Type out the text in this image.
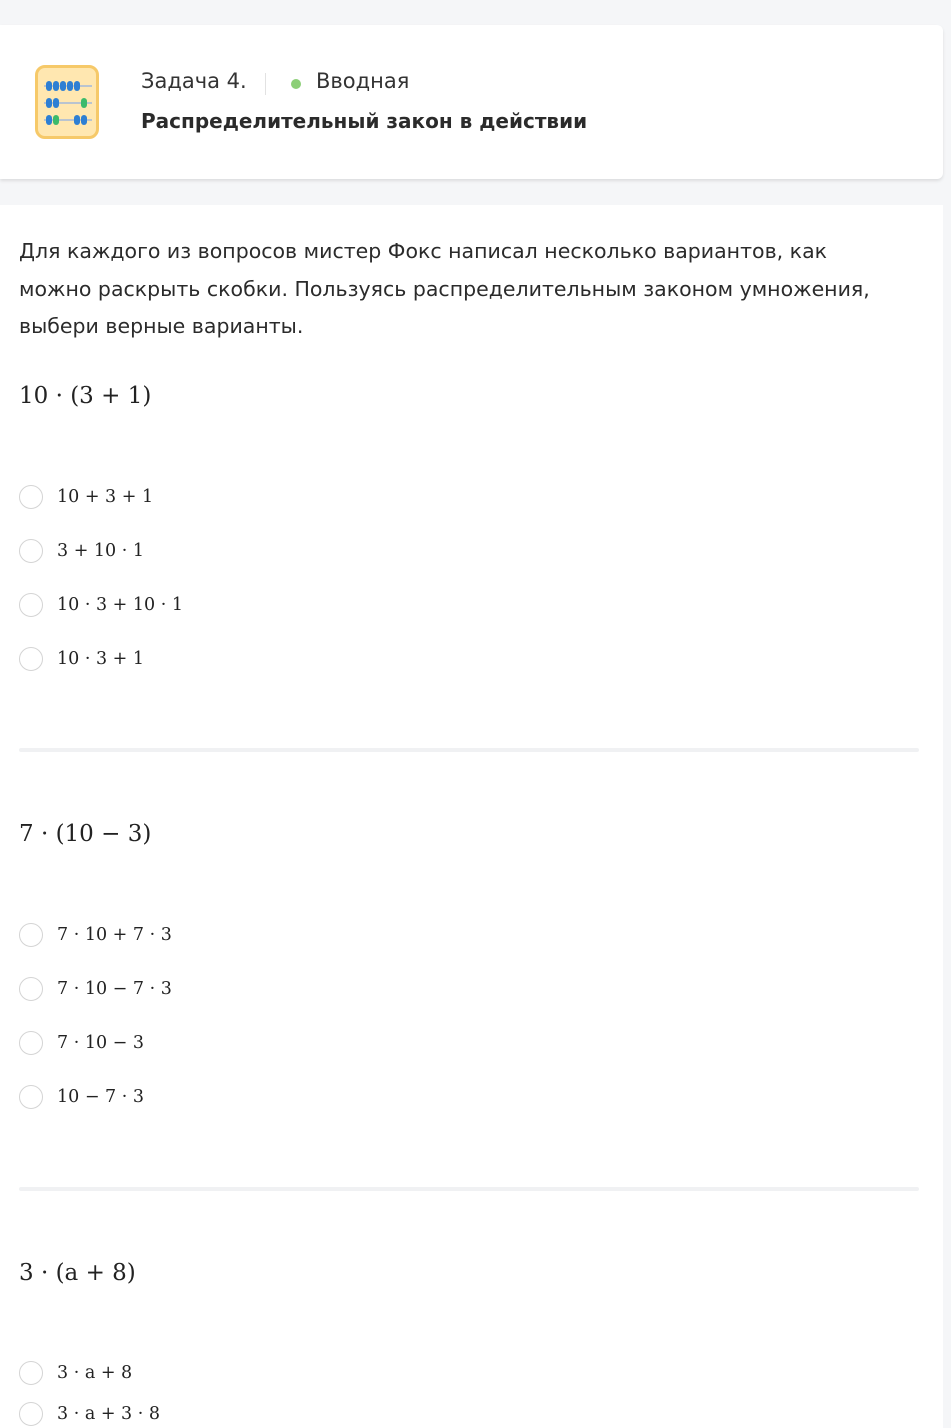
Задача 4.	Вводная
Распределительный закон в действии
Для каждого из вопросов мистер Фокс написал несколько вариантов, как можно раскрыть скобки. Пользуясь распределительным законом умножения, выбери верные варианты.
10 · (3 + 1)
10 + 3 + 1
3 + 10 · 1
10 · 3 + 10 · 1
10 · 3 + 1
7 · (10 − 3)
7 · 10 + 7 · 3
7 · 10 − 7 · 3
7 · 10 − 3
10 − 7 · 3
3 · (a + 8)
3 · a + 8
3 · a + 3 · 8
